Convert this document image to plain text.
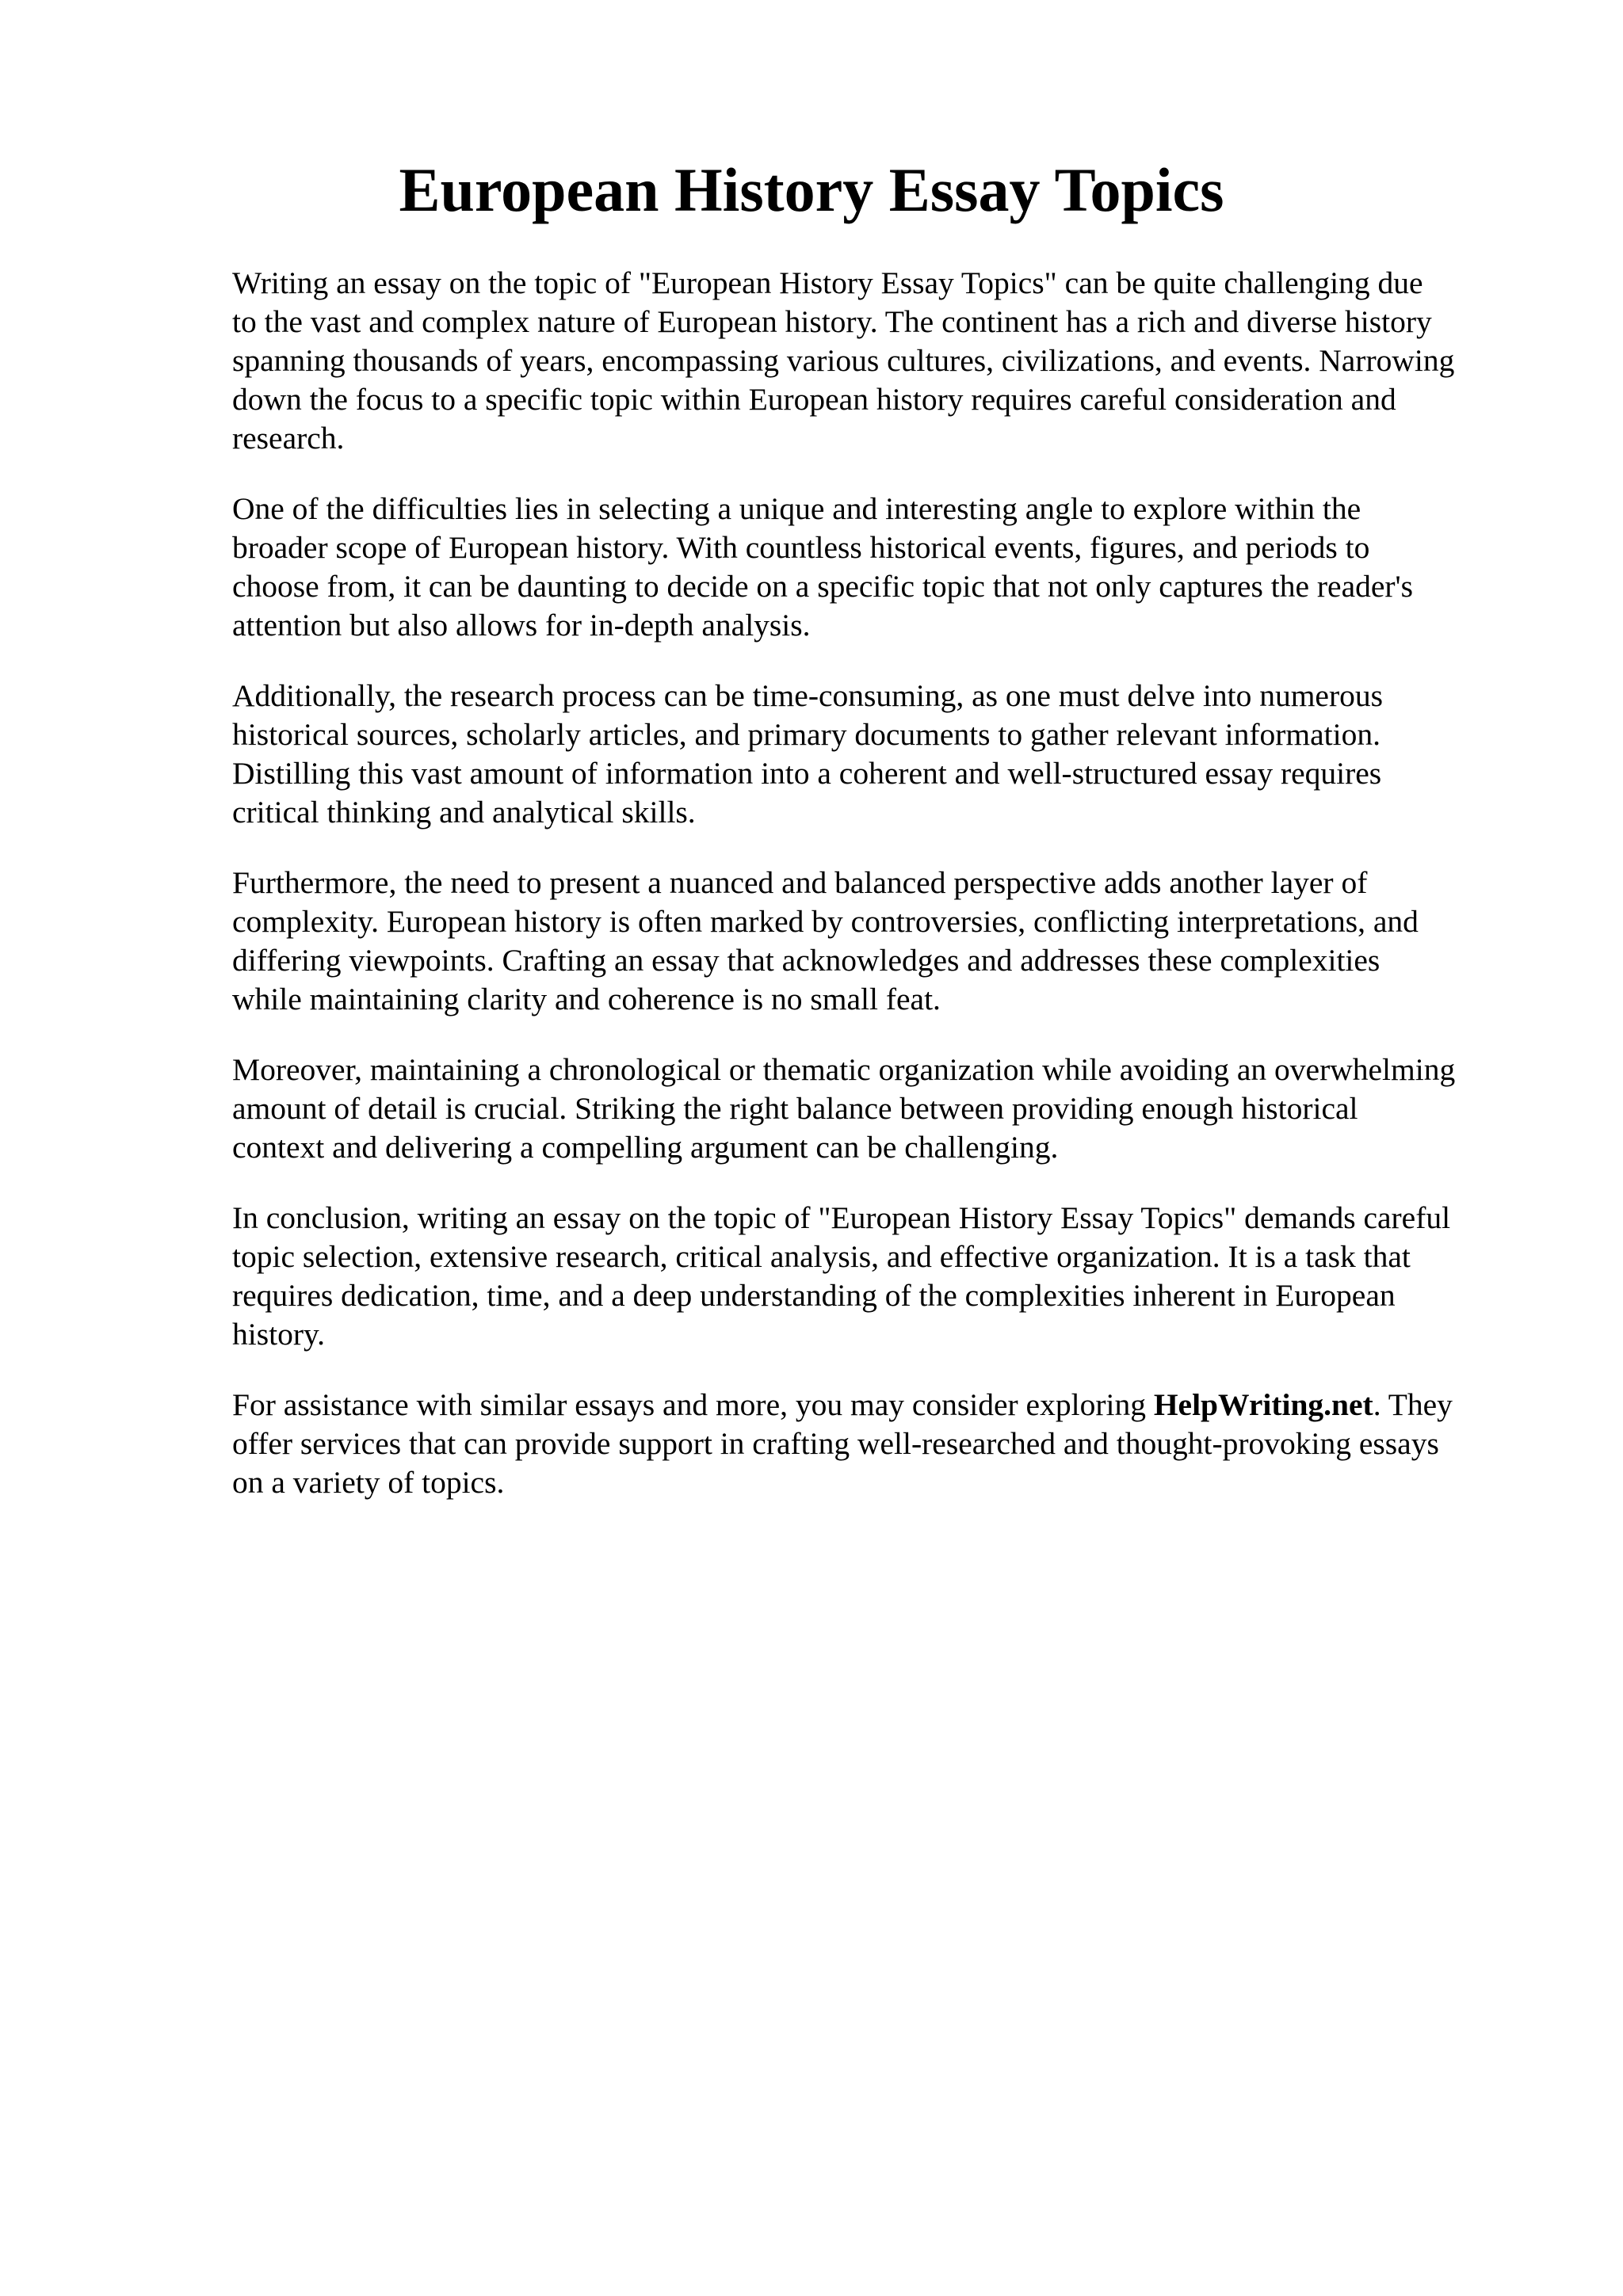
European History Essay Topics

Writing an essay on the topic of "European History Essay Topics" can be quite challenging due
to the vast and complex nature of European history. The continent has a rich and diverse history
spanning thousands of years, encompassing various cultures, civilizations, and events. Narrowing
down the focus to a specific topic within European history requires careful consideration and
research.

One of the difficulties lies in selecting a unique and interesting angle to explore within the
broader scope of European history. With countless historical events, figures, and periods to
choose from, it can be daunting to decide on a specific topic that not only captures the reader's
attention but also allows for in-depth analysis.

Additionally, the research process can be time-consuming, as one must delve into numerous
historical sources, scholarly articles, and primary documents to gather relevant information.
Distilling this vast amount of information into a coherent and well-structured essay requires
critical thinking and analytical skills.

Furthermore, the need to present a nuanced and balanced perspective adds another layer of
complexity. European history is often marked by controversies, conflicting interpretations, and
differing viewpoints. Crafting an essay that acknowledges and addresses these complexities
while maintaining clarity and coherence is no small feat.

Moreover, maintaining a chronological or thematic organization while avoiding an overwhelming
amount of detail is crucial. Striking the right balance between providing enough historical
context and delivering a compelling argument can be challenging.

In conclusion, writing an essay on the topic of "European History Essay Topics" demands careful
topic selection, extensive research, critical analysis, and effective organization. It is a task that
requires dedication, time, and a deep understanding of the complexities inherent in European
history.

For assistance with similar essays and more, you may consider exploring HelpWriting.net. They
offer services that can provide support in crafting well-researched and thought-provoking essays
on a variety of topics.
